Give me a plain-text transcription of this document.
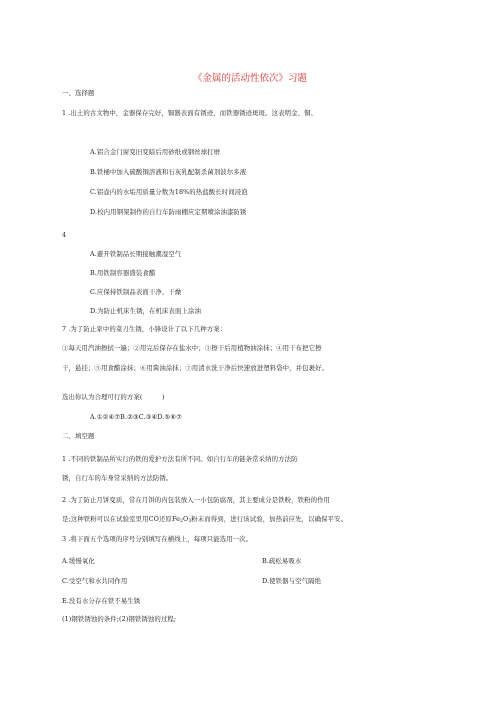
《金属的活动性依次》习题
一、选择题
1 .出土的古文物中，金器保存完好，铜器表面有锈迹，而铁器锈迹斑斑。这表明金、铜、
A.铝合金门窗变旧变暗后用砂纸或钢丝球打磨
B.铁桶中加入硫酸铜溶液和石灰乳配制杀菌剂波尔多液
C.铝壶内的水垢用质量分数为18%的热盐酸长时间浸泡
D.校内用钢架制作的自行车防雨棚应定期喷涂油漆防锈
4
A.避开铁制品长期接触潮湿空气
B.用铁制容器盛装食醋
C.应保持铁制品表面干净、干燥
D.为防止机床生锈，在机床表面上涂油
7 .为了防止家中的菜刀生锈，小锋设计了以下几种方案：
①每天用汽油擦拭一遍；②用完后保存在盐水中；③擦干后用植物油涂抹；④用干布把它擦
干，悬挂；⑤用食醋涂抹；⑥用酱油涂抹；⑦用清水洗干净后快速放进塑料袋中，并包裹好。
选出你认为合理可行的方案(　　　)
A.①②④⑦B.②③C.③④D.⑤⑥⑦
二、填空题
1 .不同的铁制品所实行的铁的爱护方法有所不同。如自行车的链条常采纳的方法防
锈，自行车的车身常采纳的方法防锈。
2 .为了防止月饼变质，常在月饼的内包装放入一小包防腐剂，其主要成分是铁粉，铁粉的作用
是;这种铁粉可以在试验室里用CO还原$Fe_2O_3$粉末而得到，进行该试验，加热前应先，以确保平安。
3 .将下面五个选项的序号分别填写在横线上，每项只能选用一次。
A.缓慢氧化	B.疏松易吸水
C.受空气和水共同作用	D.使铁器与空气隔绝
E.没有水分存在铁不易生锈
(1)钢铁锈蚀的条件;(2)钢铁锈蚀的过程;
